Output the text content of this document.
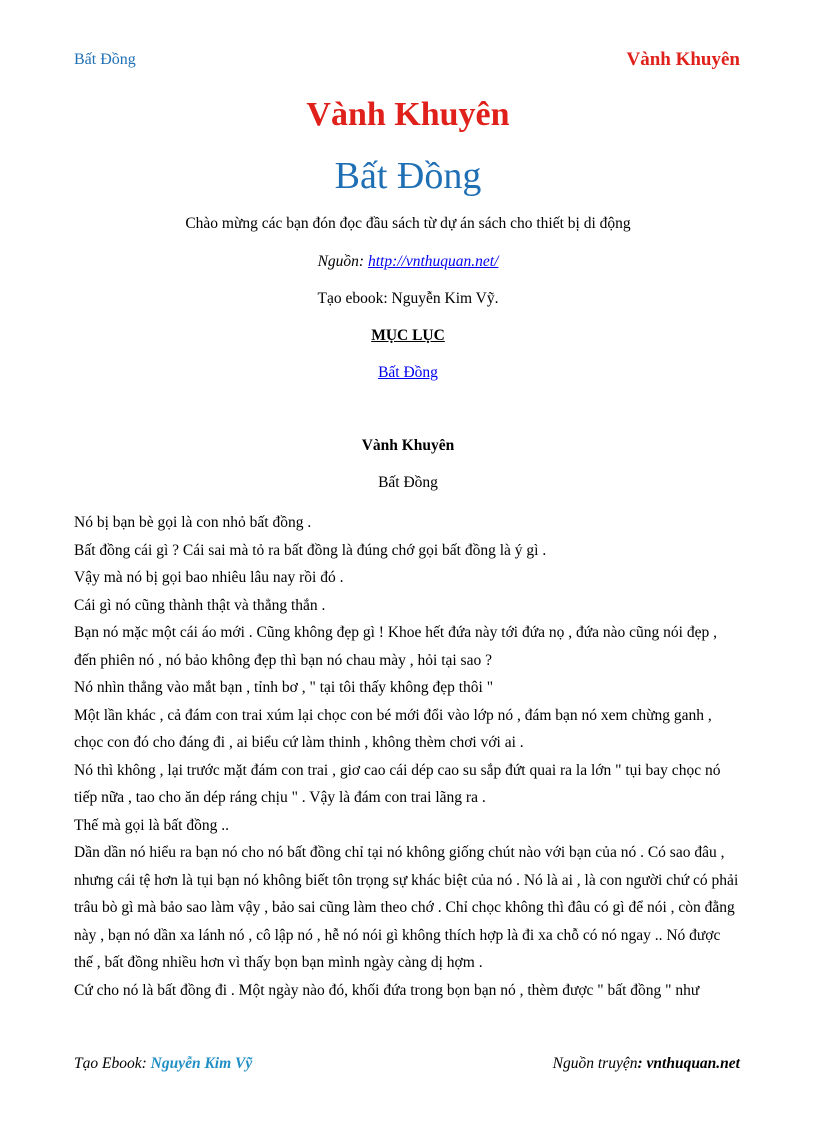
Bất Đồng	Vành Khuyên
Vành Khuyên
Bất Đồng
Chào mừng các bạn đón đọc đầu sách từ dự án sách cho thiết bị di động
Nguồn: http://vnthuquan.net/
Tạo ebook: Nguyễn Kim Vỹ.
MỤC LỤC
Bất Đồng
Vành Khuyên
Bất Đồng

Nó bị bạn bè gọi là con nhỏ bất đồng .

Bất đồng cái gì ? Cái sai mà tỏ ra bất đồng là đúng chớ gọi bất đồng là ý gì .

Vậy mà nó bị gọi bao nhiêu lâu nay rồi đó .

Cái gì nó cũng thành thật và thẳng thắn .

Bạn nó mặc một cái áo mới . Cũng không đẹp gì ! Khoe hết đứa này tới đứa nọ , đứa nào cũng nói đẹp , đến phiên nó , nó bảo không đẹp thì bạn nó chau mày , hỏi tại sao ?

Nó nhìn thẳng vào mắt bạn , tỉnh bơ , " tại tôi thấy không đẹp thôi "

Một lần khác , cả đám con trai xúm lại chọc con bé mới đổi vào lớp nó , đám bạn nó xem chừng ganh , chọc con đó cho đáng đi , ai biểu cứ làm thinh , không thèm chơi với ai .

Nó thì không , lại trước mặt đám con trai , giơ cao cái dép cao su sắp đứt quai ra la lớn " tụi bay chọc nó tiếp nữa , tao cho ăn dép ráng chịu " . Vậy là đám con trai lãng ra .

Thế mà gọi là bất đồng ..

Dần dần nó hiểu ra bạn nó cho nó bất đồng chỉ tại nó không giống chút nào với bạn của nó . Có sao đâu , nhưng cái tệ hơn là tụi bạn nó không biết tôn trọng sự khác biệt của nó . Nó là ai , là con người chứ có phải trâu bò gì mà bảo sao làm vậy , bảo sai cũng làm theo chớ . Chỉ chọc không thì đâu có gì để nói , còn đằng này , bạn nó dần xa lánh nó , cô lập nó , hễ nó nói gì không thích hợp là đi xa chỗ có nó ngay .. Nó được thế , bất đồng nhiều hơn vì thấy bọn bạn mình ngày càng dị hợm .

Cứ cho nó là bất đồng đi . Một ngày nào đó, khối đứa trong bọn bạn nó , thèm được " bất đồng " như

Tạo Ebook: Nguyễn Kim Vỹ	Nguồn truyện: vnthuquan.net
